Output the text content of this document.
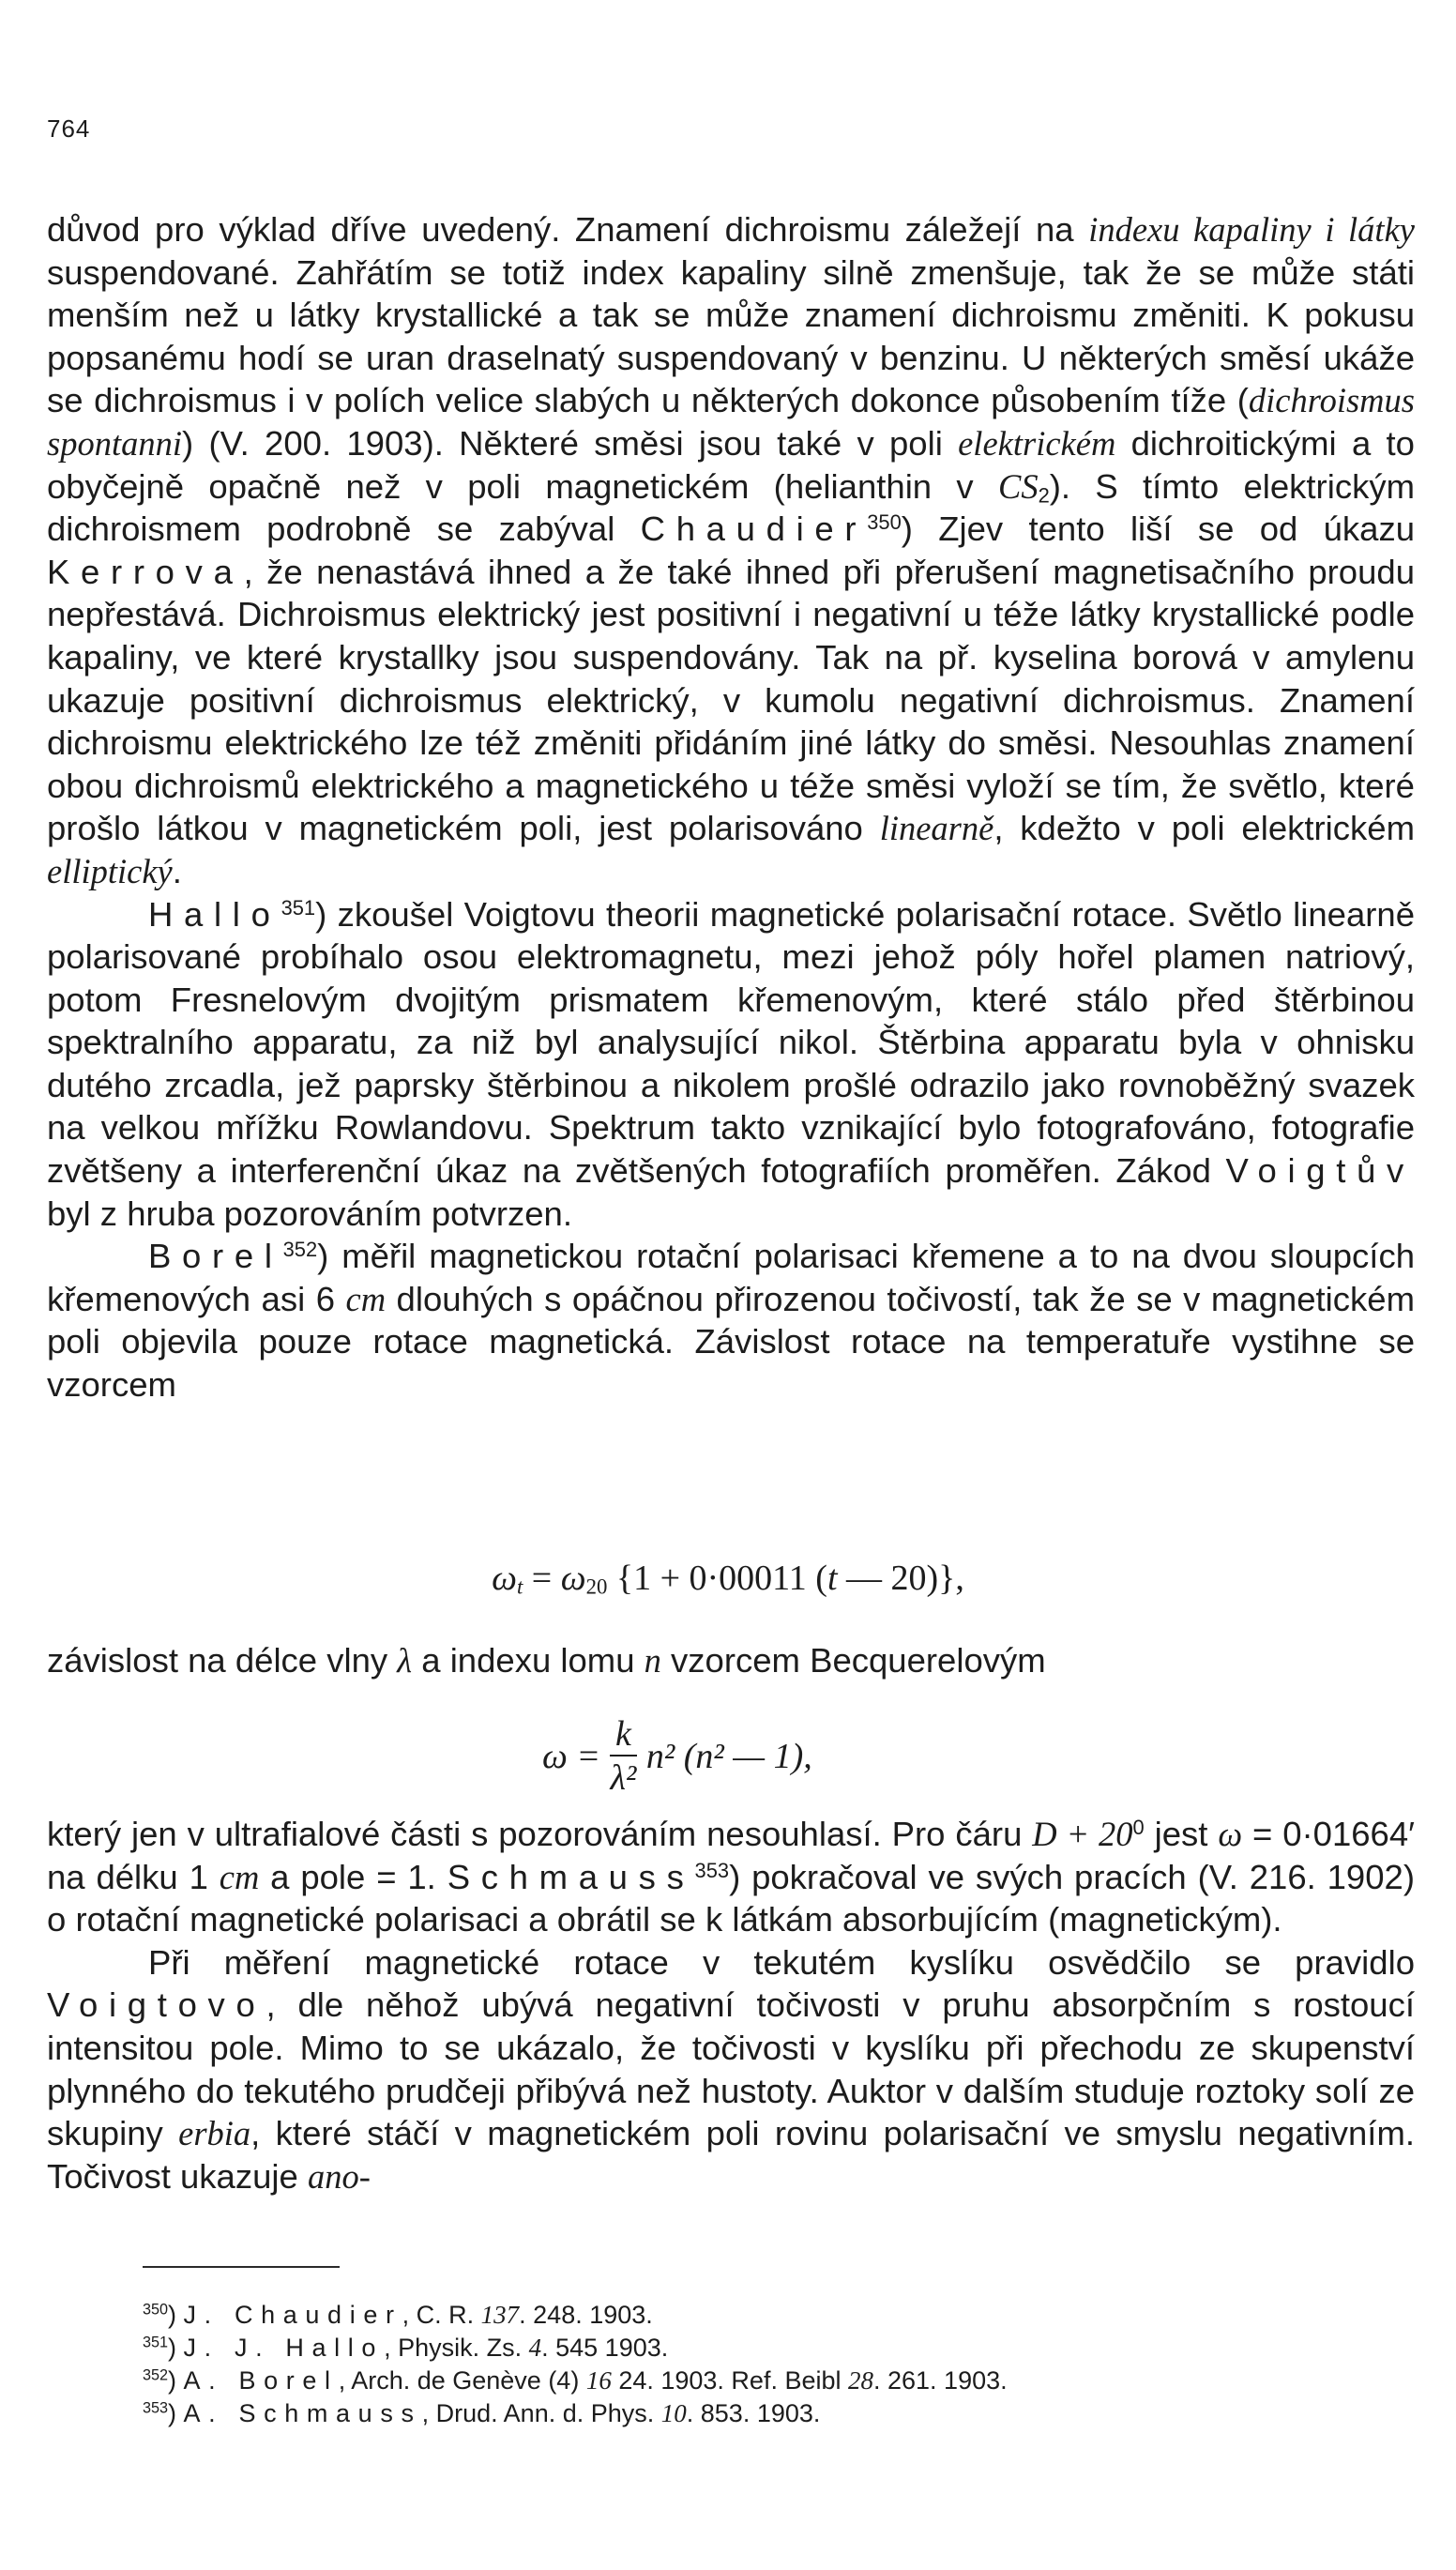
764

důvod pro výklad dříve uvedený. Znamení dichroismu záležejí na indexu kapaliny i látky suspendované. Zahřátím se totiž index kapaliny silně zmenšuje, tak že se může státi menším než u látky krystallické a tak se může znamení dichroismu změniti. K pokusu popsanému hodí se uran draselnatý suspendovaný v benzinu. U některých směsí ukáže se dichroismus i v polích velice slabých u některých dokonce působením tíže (dichroismus spontanni) (V. 200. 1903). Některé směsi jsou také v poli elektrickém dichroitickými a to obyčejně opačně než v poli magnetickém (helianthin v $CS_2$). S tímto elektrickým dichroismem podrobně se zabýval Chaudier$^{350}$) Zjev tento liší se od úkazu Kerrova, že nenastává ihned a že také ihned při přerušení magnetisačního proudu nepřestává. Dichroismus elektrický jest positivní i negativní u téže látky krystallické podle kapaliny, ve které krystallky jsou suspendovány. Tak na př. kyselina borová v amylenu ukazuje positivní dichroismus elektrický, v kumolu negativní dichroismus. Znamení dichroismu elektrického lze též změniti přidáním jiné látky do směsi. Nesouhlas znamení obou dichroismů elektrického a magnetického u téže směsi vyloží se tím, že světlo, které prošlo látkou v magnetickém poli, jest polarisováno linearně, kdežto v poli elektrickém elliptický.

Hallo$^{351}$) zkoušel Voigtovu theorii magnetické polarisační rotace. Světlo linearně polarisované probíhalo osou elektromagnetu, mezi jehož póly hořel plamen natriový, potom Fresnelovým dvojitým prismatem křemenovým, které stálo před štěrbinou spektralního apparatu, za niž byl analysující nikol. Štěrbina apparatu byla v ohnisku dutého zrcadla, jež paprsky štěrbinou a nikolem prošlé odrazilo jako rovnoběžný svazek na velkou mřížku Rowlandovu. Spektrum takto vznikající bylo fotografováno, fotografie zvětšeny a interferenční úkaz na zvětšených fotografiích proměřen. Zákod Voigtův byl z hruba pozorováním potvrzen.

Borel$^{352}$) měřil magnetickou rotační polarisaci křemene a to na dvou sloupcích křemenových asi 6 cm dlouhých s opáčnou přirozenou točivostí, tak že se v magnetickém poli objevila pouze rotace magnetická. Závislost rotace na temperatuře vystihne se vzorcem

$\omega_t = \omega_{20}$ {1 + 0·00011 (t — 20)},

závislost na délce vlny λ a indexu lomu n vzorcem Becquerelovým

$\omega = \frac{k}{\text{λ²}} n^2$ (n² — 1),

který jen v ultrafialové části s pozorováním nesouhlasí. Pro čáru $D + 20^0$ jest ω = 0·01664′ na délku 1 cm a pole = 1. Schmauss$^{353}$) pokračoval ve svých pracích (V. 216. 1902) o rotační magnetické polarisaci a obrátil se k látkám absorbujícím (magnetickým).

Při měření magnetické rotace v tekutém kyslíku osvědčilo se pravidlo Voigtovo, dle něhož ubývá negativní točivosti v pruhu absorpčním s rostoucí intensitou pole. Mimo to se ukázalo, že točivosti v kyslíku při přechodu ze skupenství plynného do tekutého prudčeji přibývá než hustoty. Auktor v dalším studuje roztoky solí ze skupiny erbia, které stáčí v magnetickém poli rovinu polarisační ve smyslu negativním. Točivost ukazuje ano-

$^{350}$) J. Chaudier, C. R. 137. 248. 1903.
$^{351}$) J. J. Hallo, Physik. Zs. 4. 545 1903.
$^{352}$) A. Borel, Arch. de Genève (4) 16 24. 1903. Ref. Beibl 28. 261. 1903.
$^{353}$) A. Schmauss, Drud. Ann. d. Phys. 10. 853. 1903.
